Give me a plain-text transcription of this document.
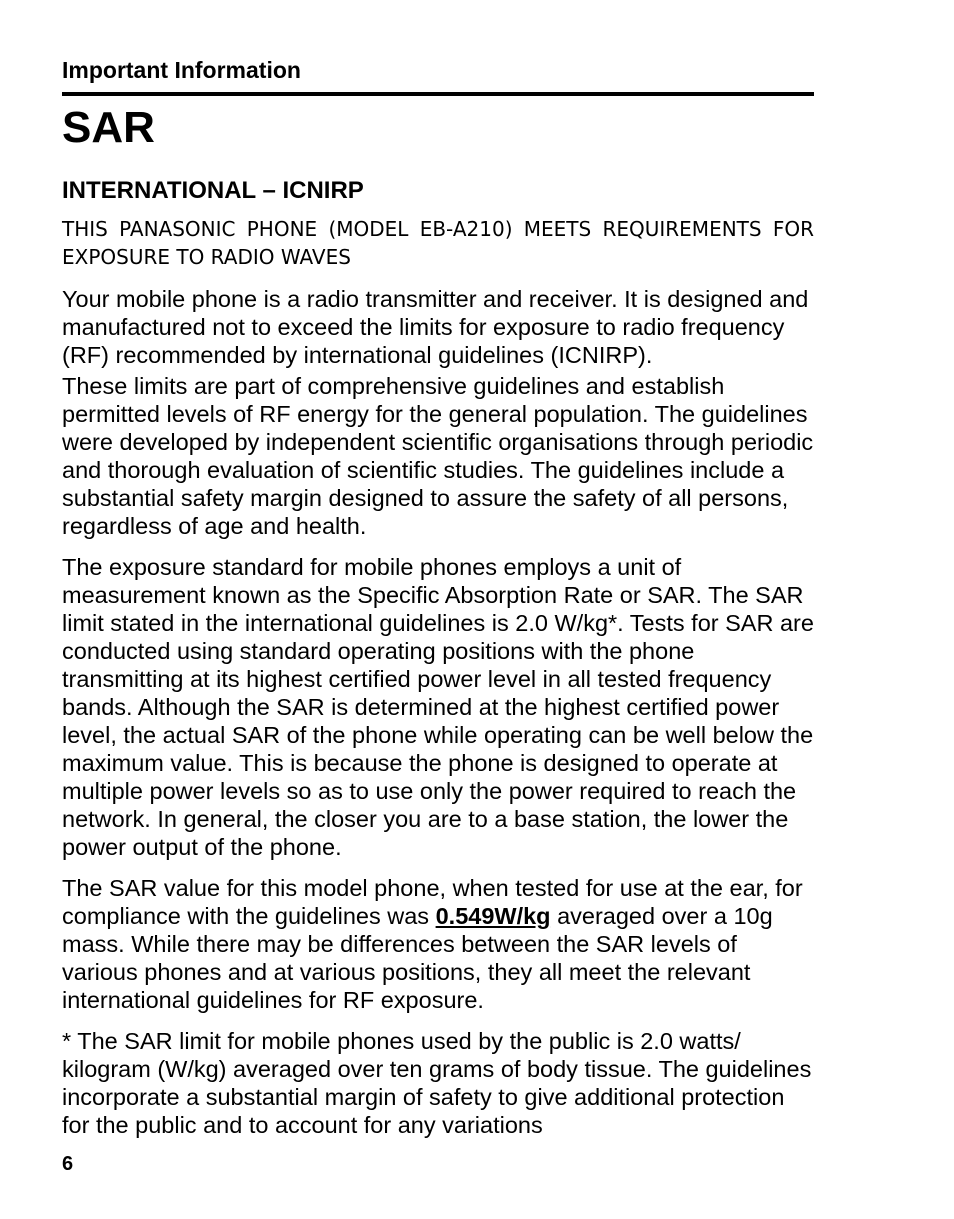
Important Information
SAR
INTERNATIONAL – ICNIRP

THIS PANASONIC PHONE (MODEL EB-A210) MEETS REQUIREMENTS FOR EXPOSURE TO RADIO WAVES

Your mobile phone is a radio transmitter and receiver. It is designed and manufactured not to exceed the limits for exposure to radio frequency (RF) recommended by international guidelines (ICNIRP).

These limits are part of comprehensive guidelines and establish permitted levels of RF energy for the general population. The guidelines were developed by independent scientific organisations through periodic and thorough evaluation of scientific studies. The guidelines include a substantial safety margin designed to assure the safety of all persons, regardless of age and health.

The exposure standard for mobile phones employs a unit of measurement known as the Specific Absorption Rate or SAR. The SAR limit stated in the international guidelines is 2.0 W/kg*. Tests for SAR are conducted using standard operating positions with the phone transmitting at its highest certified power level in all tested frequency bands. Although the SAR is determined at the highest certified power level, the actual SAR of the phone while operating can be well below the maximum value. This is because the phone is designed to operate at multiple power levels so as to use only the power required to reach the network. In general, the closer you are to a base station, the lower the power output of the phone.

The SAR value for this model phone, when tested for use at the ear, for compliance with the guidelines was 0.549W/kg averaged over a 10g mass. While there may be differences between the SAR levels of various phones and at various positions, they all meet the relevant international guidelines for RF exposure.

* The SAR limit for mobile phones used by the public is 2.0 watts/ kilogram (W/kg) averaged over ten grams of body tissue. The guidelines incorporate a substantial margin of safety to give additional protection for the public and to account for any variations

6
